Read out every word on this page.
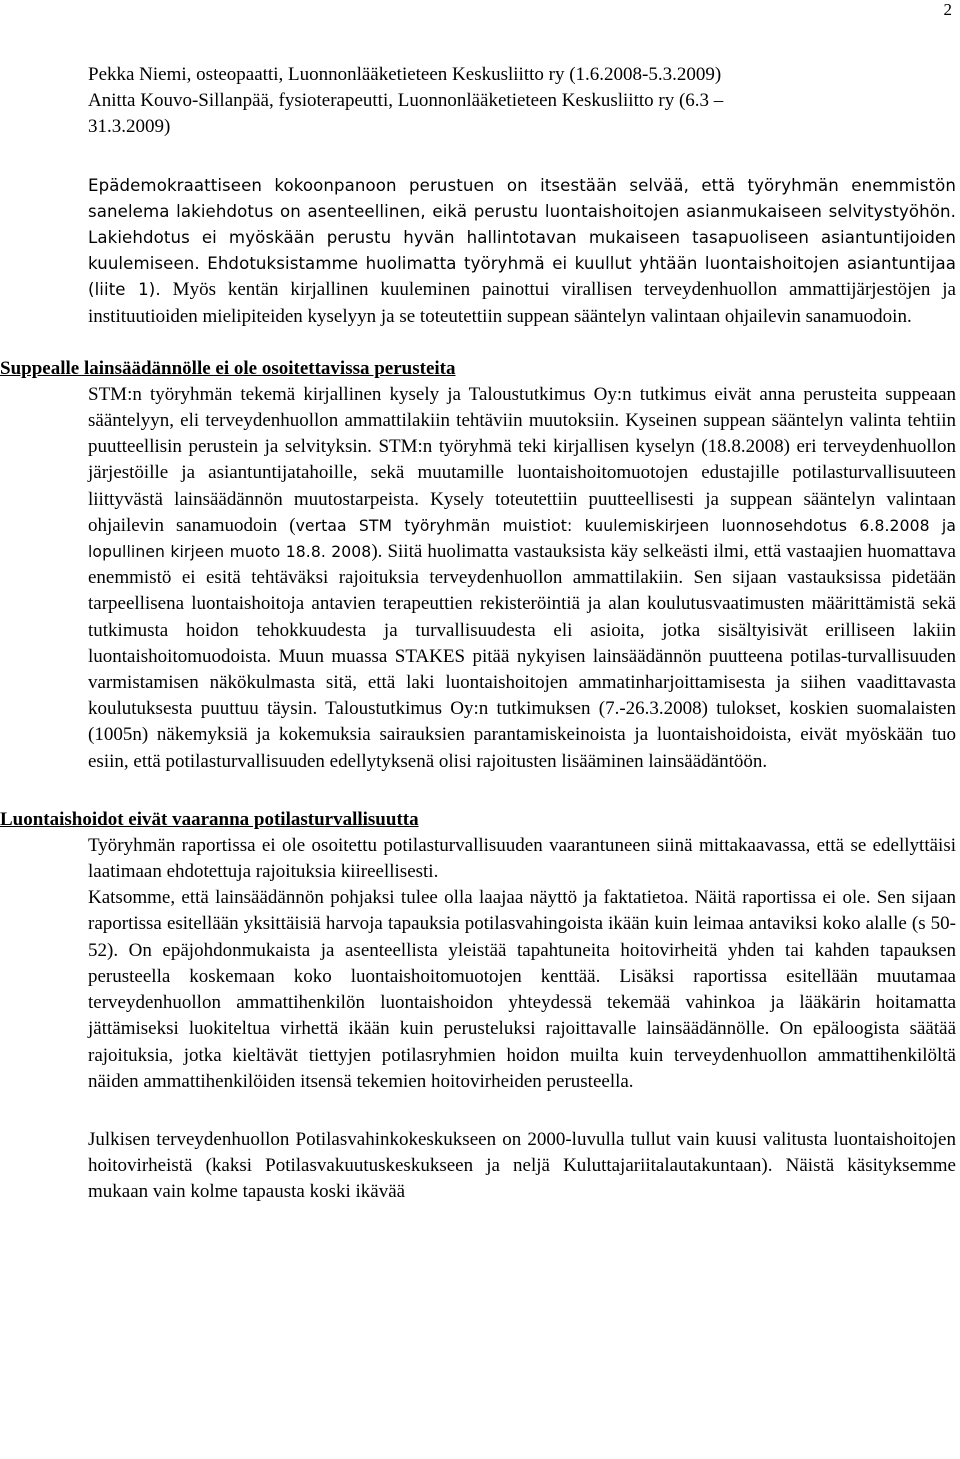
2

Pekka Niemi, osteopaatti, Luonnonlääketieteen Keskusliitto ry (1.6.2008-5.3.2009)

Anitta Kouvo-Sillanpää, fysioterapeutti, Luonnonlääketieteen Keskusliitto ry (6.3 –

31.3.2009)

Epädemokraattiseen kokoonpanoon perustuen on itsestään selvää, että työryhmän enemmistön sanelema lakiehdotus on asenteellinen, eikä perustu luontaishoitojen asianmukaiseen selvitystyöhön. Lakiehdotus ei myöskään perustu hyvän hallintotavan mukaiseen tasapuoliseen asiantuntijoiden kuulemiseen. Ehdotuksistamme huolimatta työryhmä ei kuullut yhtään luontaishoitojen asiantuntijaa (liite 1). Myös kentän kirjallinen kuuleminen painottui virallisen terveydenhuollon ammattijärjestöjen ja instituutioiden mielipiteiden kyselyyn ja se toteutettiin suppean sääntelyn valintaan ohjailevin sanamuodoin.

Suppealle lainsäädännölle ei ole osoitettavissa perusteita

STM:n työryhmän tekemä kirjallinen kysely ja Taloustutkimus Oy:n tutkimus eivät anna perusteita suppeaan sääntelyyn, eli terveydenhuollon ammattilakiin tehtäviin muutoksiin. Kyseinen suppean sääntelyn valinta tehtiin puutteellisin perustein ja selvityksin. STM:n työryhmä teki kirjallisen kyselyn (18.8.2008) eri terveydenhuollon järjestöille ja asiantuntijatahoille, sekä muutamille luontaishoitomuotojen edustajille potilasturvallisuuteen liittyvästä lainsäädännön muutostarpeista. Kysely toteutettiin puutteellisesti ja suppean sääntelyn valintaan ohjailevin sanamuodoin (vertaa STM työryhmän muistiot: kuulemiskirjeen luonnosehdotus 6.8.2008 ja lopullinen kirjeen muoto 18.8. 2008). Siitä huolimatta vastauksista käy selkeästi ilmi, että vastaajien huomattava enemmistö ei esitä tehtäväksi rajoituksia terveydenhuollon ammattilakiin. Sen sijaan vastauksissa pidetään tarpeellisena luontaishoitoja antavien terapeuttien rekisteröintiä ja alan koulutusvaatimusten määrittämistä sekä tutkimusta hoidon tehokkuudesta ja turvallisuudesta eli asioita, jotka sisältyisivät erilliseen lakiin luontaishoitomuodoista. Muun muassa STAKES pitää nykyisen lainsäädännön puutteena potilas-turvallisuuden varmistamisen näkökulmasta sitä, että laki luontaishoitojen ammatinharjoittamisesta ja siihen vaadittavasta koulutuksesta puuttuu täysin. Taloustutkimus Oy:n tutkimuksen (7.-26.3.2008) tulokset, koskien suomalaisten (1005n) näkemyksiä ja kokemuksia sairauksien parantamiskeinoista ja luontaishoidoista, eivät myöskään tuo esiin, että potilasturvallisuuden edellytyksenä olisi rajoitusten lisääminen lainsäädäntöön.

Luontaishoidot eivät vaaranna potilasturvallisuutta

Työryhmän raportissa ei ole osoitettu potilasturvallisuuden vaarantuneen siinä mittakaavassa, että se edellyttäisi laatimaan ehdotettuja rajoituksia kiireellisesti.

Katsomme, että lainsäädännön pohjaksi tulee olla laajaa näyttö ja faktatietoa. Näitä raportissa ei ole. Sen sijaan raportissa esitellään yksittäisiä harvoja tapauksia potilasvahingoista ikään kuin leimaa antaviksi koko alalle (s 50-52). On epäjohdonmukaista ja asenteellista yleistää tapahtuneita hoitovirheitä yhden tai kahden tapauksen perusteella koskemaan koko luontaishoitomuotojen kenttää. Lisäksi raportissa esitellään muutamaa terveydenhuollon ammattihenkilön luontaishoidon yhteydessä tekemää vahinkoa ja lääkärin hoitamatta jättämiseksi luokiteltua virhettä ikään kuin perusteluksi rajoittavalle lainsäädännölle. On epäloogista säätää rajoituksia, jotka kieltävät tiettyjen potilasryhmien hoidon muilta kuin terveydenhuollon ammattihenkilöltä näiden ammattihenkilöiden itsensä tekemien hoitovirheiden perusteella.

Julkisen terveydenhuollon Potilasvahinkokeskukseen on 2000-luvulla tullut vain kuusi valitusta luontaishoitojen hoitovirheistä (kaksi Potilasvakuutuskeskukseen ja neljä Kuluttajariitalautakuntaan). Näistä käsityksemme mukaan vain kolme tapausta koski ikävää
